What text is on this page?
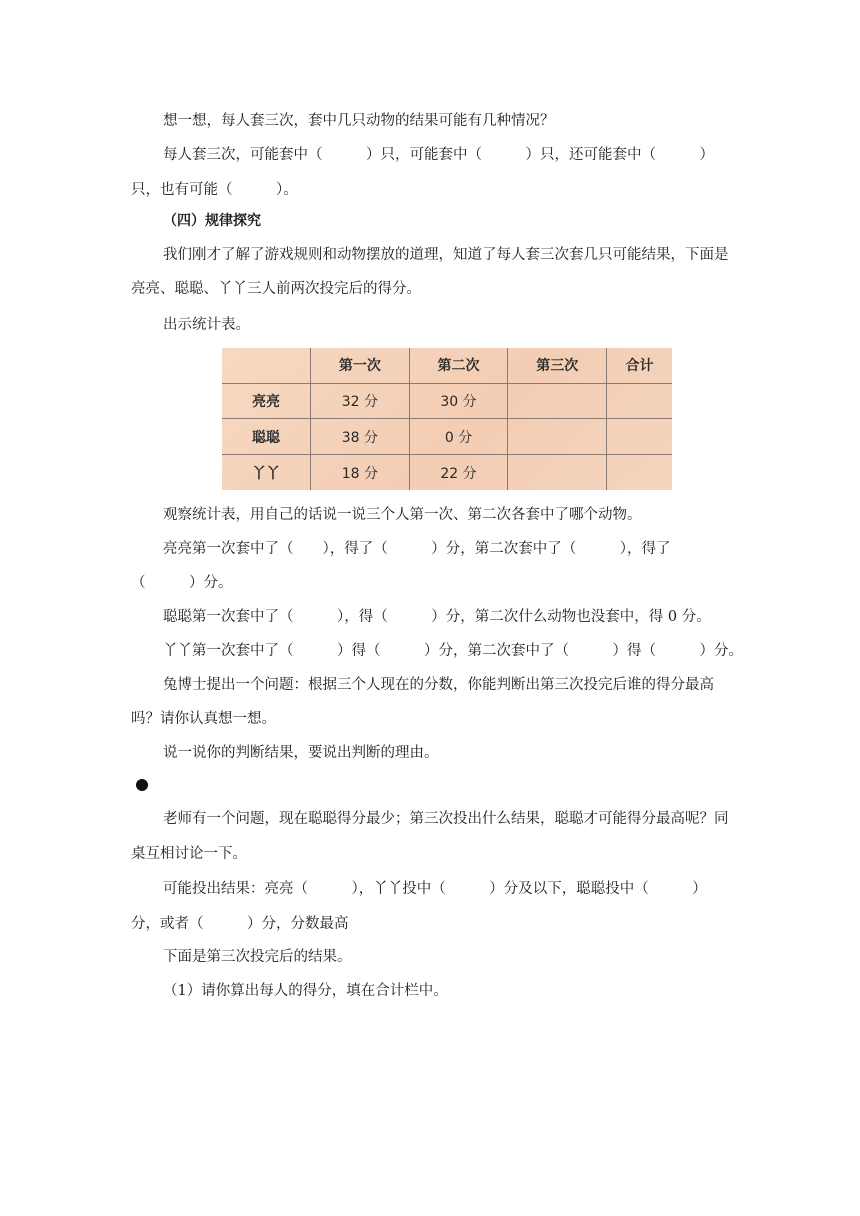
想一想，每人套三次，套中几只动物的结果可能有几种情况？
每人套三次，可能套中（　　　）只，可能套中（　　　）只，还可能套中（　　　）只，也有可能（　　　）。
（四）规律探究
我们刚才了解了游戏规则和动物摆放的道理，知道了每人套三次套几只可能结果，下面是亮亮、聪聪、丫丫三人前两次投完后的得分。
出示统计表。
	第一次	第二次	第三次	合计
亮亮	32 分	30 分		
聪聪	38 分	0 分		
丫丫	18 分	22 分		
观察统计表，用自己的话说一说三个人第一次、第二次各套中了哪个动物。
亮亮第一次套中了（　　），得了（　　　）分，第二次套中了（　　　），得了（　　　）分。
聪聪第一次套中了（　　　），得（　　　）分，第二次什么动物也没套中，得 0 分。
丫丫第一次套中了（　　　）得（　　　）分，第二次套中了（　　　）得（　　　）分。
兔博士提出一个问题：根据三个人现在的分数，你能判断出第三次投完后谁的得分最高吗？请你认真想一想。
说一说你的判断结果，要说出判断的理由。
老师有一个问题，现在聪聪得分最少；第三次投出什么结果，聪聪才可能得分最高呢？同桌互相讨论一下。
可能投出结果：亮亮（　　　），丫丫投中（　　　）分及以下，聪聪投中（　　　）分，或者（　　　）分，分数最高
下面是第三次投完后的结果。
（1）请你算出每人的得分，填在合计栏中。
